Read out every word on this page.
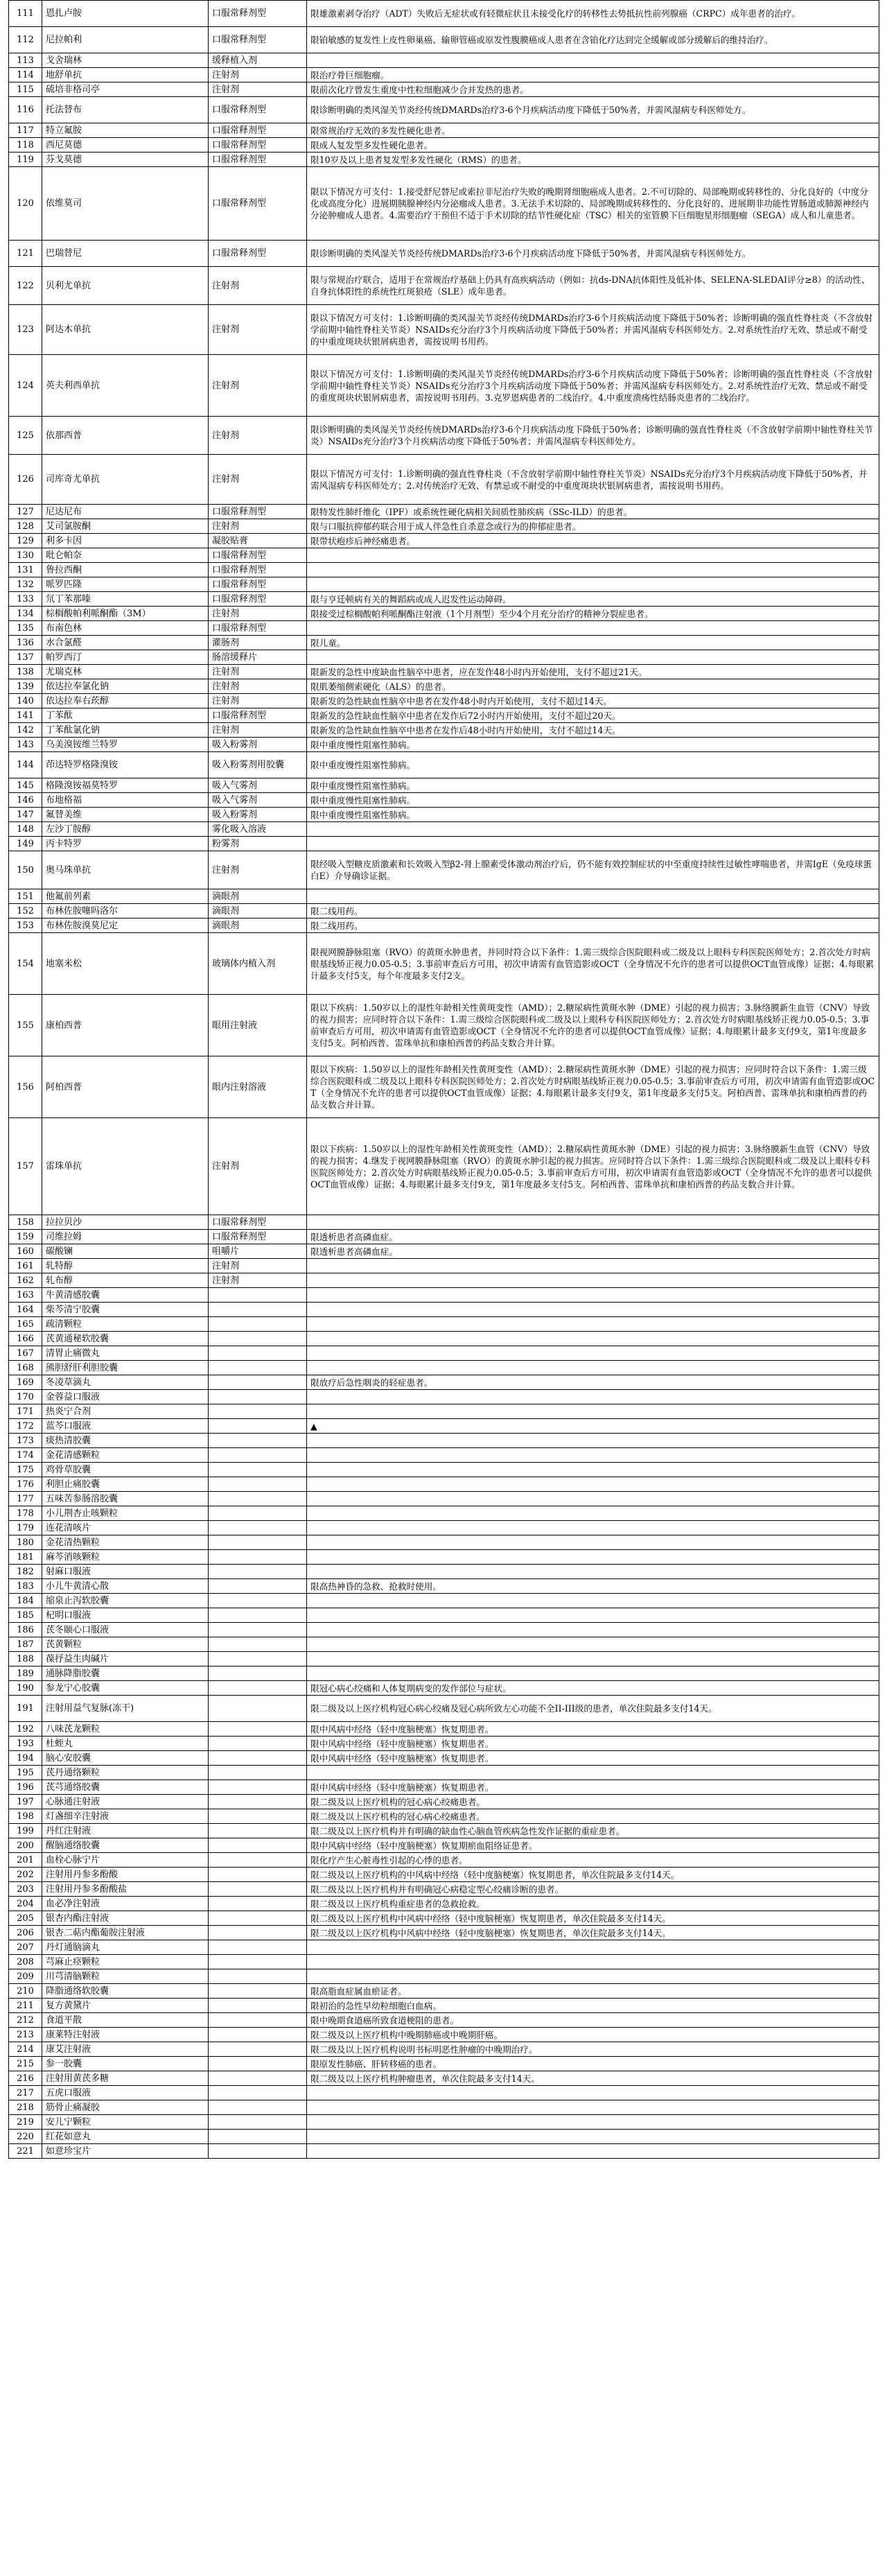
111	恩扎卢胺	口服常释剂型	限雄激素剥夺治疗（ADT）失败后无症状或有轻微症状且未接受化疗的转移性去势抵抗性前列腺癌（CRPC）成年患者的治疗。
112	尼拉帕利	口服常释剂型	限铂敏感的复发性上皮性卵巢癌、输卵管癌或原发性腹膜癌成人患者在含铂化疗达到完全缓解或部分缓解后的维持治疗。
113	戈舍瑞林	缓释植入剂	
114	地舒单抗	注射剂	限治疗骨巨细胞瘤。
115	硫培非格司亭	注射剂	限前次化疗曾发生重度中性粒细胞减少合并发热的患者。
116	托法替布	口服常释剂型	限诊断明确的类风湿关节炎经传统DMARDs治疗3-6个月疾病活动度下降低于50%者，并需风湿病专科医师处方。
117	特立氟胺	口服常释剂型	限常规治疗无效的多发性硬化患者。
118	西尼莫德	口服常释剂型	限成人复发型多发性硬化患者。
119	芬戈莫德	口服常释剂型	限10岁及以上患者复发型多发性硬化（RMS）的患者。
120	依维莫司	口服常释剂型	限以下情况方可支付：1.接受舒尼替尼或索拉非尼治疗失败的晚期肾细胞癌成人患者。2.不可切除的、局部晚期或转移性的、分化良好的（中度分化或高度分化）进展期胰腺神经内分泌瘤成人患者。3.无法手术切除的、局部晚期或转移性的、分化良好的、进展期非功能性胃肠道或肺源神经内分泌肿瘤成人患者。4.需要治疗干预但不适于手术切除的结节性硬化症（TSC）相关的室管膜下巨细胞星形细胞瘤（SEGA）成人和儿童患者。
121	巴瑞替尼	口服常释剂型	限诊断明确的类风湿关节炎经传统DMARDs治疗3-6个月疾病活动度下降低于50%者，并需风湿病专科医师处方。
122	贝利尤单抗	注射剂	限与常规治疗联合，适用于在常规治疗基础上仍具有高疾病活动（例如：抗ds-DNA抗体阳性及低补体、SELENA-SLEDAI评分≥8）的活动性、自身抗体阳性的系统性红斑狼疮（SLE）成年患者。
123	阿达木单抗	注射剂	限以下情况方可支付：1.诊断明确的类风湿关节炎经传统DMARDs治疗3-6个月疾病活动度下降低于50%者；诊断明确的强直性脊柱炎（不含放射学前期中轴性脊柱关节炎）NSAIDs充分治疗3个月疾病活动度下降低于50%者；并需风湿病专科医师处方。2.对系统性治疗无效、禁忌或不耐受的中重度斑块状银屑病患者，需按说明书用药。
124	英夫利西单抗	注射剂	限以下情况方可支付：1.诊断明确的类风湿关节炎经传统DMARDs治疗3-6个月疾病活动度下降低于50%者；诊断明确的强直性脊柱炎（不含放射学前期中轴性脊柱关节炎）NSAIDs充分治疗3个月疾病活动度下降低于50%者；并需风湿病专科医师处方。2.对系统性治疗无效、禁忌或不耐受的重度斑块状银屑病患者，需按说明书用药。3.克罗恩病患者的二线治疗。4.中重度溃疡性结肠炎患者的二线治疗。
125	依那西普	注射剂	限诊断明确的类风湿关节炎经传统DMARDs治疗3-6个月疾病活动度下降低于50%者；诊断明确的强直性脊柱炎（不含放射学前期中轴性脊柱关节炎）NSAIDs充分治疗3个月疾病活动度下降低于50%者；并需风湿病专科医师处方。
126	司库奇尤单抗	注射剂	限以下情况方可支付：1.诊断明确的强直性脊柱炎（不含放射学前期中轴性脊柱关节炎）NSAIDs充分治疗3个月疾病活动度下降低于50%者，并需风湿病专科医师处方；2.对传统治疗无效、有禁忌或不耐受的中重度斑块状银屑病患者，需按说明书用药。
127	尼达尼布	口服常释剂型	限特发性肺纤维化（IPF）或系统性硬化病相关间质性肺疾病（SSc-ILD）的患者。
128	艾司氯胺酮	注射剂	限与口服抗抑郁药联合用于成人伴急性自杀意念或行为的抑郁症患者。
129	利多卡因	凝胶贴膏	限带状疱疹后神经痛患者。
130	吡仑帕奈	口服常释剂型	
131	鲁拉西酮	口服常释剂型	
132	哌罗匹隆	口服常释剂型	
133	氘丁苯那嗪	口服常释剂型	限与亨廷顿病有关的舞蹈病或成人迟发性运动障碍。
134	棕榈酸帕利哌酮酯（3M）	注射剂	限接受过棕榈酸帕利哌酮酯注射液（1个月剂型）至少4个月充分治疗的精神分裂症患者。
135	布南色林	口服常释剂型	
136	水合氯醛	灌肠剂	限儿童。
137	帕罗西汀	肠溶缓释片	
138	尤瑞克林	注射剂	限新发的急性中度缺血性脑卒中患者，应在发作48小时内开始使用，支付不超过21天。
139	依达拉奉氯化钠	注射剂	限肌萎缩侧索硬化（ALS）的患者。
140	依达拉奉右莰醇	注射剂	限新发的急性缺血性脑卒中患者在发作48小时内开始使用，支付不超过14天。
141	丁苯酞	口服常释剂型	限新发的急性缺血性脑卒中患者在发作后72小时内开始使用，支付不超过20天。
142	丁苯酞氯化钠	注射剂	限新发的急性缺血性脑卒中患者在发作后48小时内开始使用，支付不超过14天。
143	乌美溴铵维兰特罗	吸入粉雾剂	限中重度慢性阻塞性肺病。
144	茚达特罗格隆溴铵	吸入粉雾剂用胶囊	限中重度慢性阻塞性肺病。
145	格隆溴铵福莫特罗	吸入气雾剂	限中重度慢性阻塞性肺病。
146	布地格福	吸入气雾剂	限中重度慢性阻塞性肺病。
147	氟替美维	吸入粉雾剂	限中重度慢性阻塞性肺病。
148	左沙丁胺醇	雾化吸入溶液	
149	丙卡特罗	粉雾剂	
150	奥马珠单抗	注射剂	限经吸入型糖皮质激素和长效吸入型β2-肾上腺素受体激动剂治疗后，仍不能有效控制症状的中至重度持续性过敏性哮喘患者，并需IgE（免疫球蛋白E）介导确诊证据。
151	他氟前列素	滴眼剂	
152	布林佐胺噻吗洛尔	滴眼剂	限二线用药。
153	布林佐胺溴莫尼定	滴眼剂	限二线用药。
154	地塞米松	玻璃体内植入剂	限视网膜静脉阻塞（RVO）的黄斑水肿患者，并同时符合以下条件：1.需三级综合医院眼科或二级及以上眼科专科医院医师处方；2.首次处方时病眼基线矫正视力0.05-0.5；3.事前审查后方可用，初次申请需有血管造影或OCT（全身情况不允许的患者可以提供OCT血管成像）证据；4.每眼累计最多支付5支，每个年度最多支付2支。
155	康柏西普	眼用注射液	限以下疾病：1.50岁以上的湿性年龄相关性黄斑变性（AMD）；2.糖尿病性黄斑水肿（DME）引起的视力损害；3.脉络膜新生血管（CNV）导致的视力损害；应同时符合以下条件：1.需三级综合医院眼科或二级及以上眼科专科医院医师处方；2.首次处方时病眼基线矫正视力0.05-0.5；3.事前审查后方可用，初次申请需有血管造影或OCT（全身情况不允许的患者可以提供OCT血管成像）证据；4.每眼累计最多支付9支，第1年度最多支付5支。阿柏西普、雷珠单抗和康柏西普的药品支数合并计算。
156	阿柏西普	眼内注射溶液	限以下疾病：1.50岁以上的湿性年龄相关性黄斑变性（AMD）；2.糖尿病性黄斑水肿（DME）引起的视力损害；应同时符合以下条件：1.需三级综合医院眼科或二级及以上眼科专科医院医师处方；2.首次处方时病眼基线矫正视力0.05-0.5；3.事前审查后方可用，初次申请需有血管造影或OCT（全身情况不允许的患者可以提供OCT血管成像）证据；4.每眼累计最多支付9支，第1年度最多支付5支。阿柏西普、雷珠单抗和康柏西普的药品支数合并计算。
157	雷珠单抗	注射剂	限以下疾病：1.50岁以上的湿性年龄相关性黄斑变性（AMD）；2.糖尿病性黄斑水肿（DME）引起的视力损害；3.脉络膜新生血管（CNV）导致的视力损害；4.继发于视网膜静脉阻塞（RVO）的黄斑水肿引起的视力损害。应同时符合以下条件：1.需三级综合医院眼科或二级及以上眼科专科医院医师处方；2.首次处方时病眼基线矫正视力0.05-0.5；3.事前审查后方可用，初次申请需有血管造影或OCT（全身情况不允许的患者可以提供OCT血管成像）证据；4.每眼累计最多支付9支，第1年度最多支付5支。阿柏西普、雷珠单抗和康柏西普的药品支数合并计算。
158	拉拉贝沙	口服常释剂型	
159	司维拉姆	口服常释剂型	限透析患者高磷血症。
160	碳酸镧	咀嚼片	限透析患者高磷血症。
161	轧特醇	注射剂	
162	轧布醇	注射剂	
163	牛黄清感胶囊		
164	柴芩清宁胶囊		
165	疏清颗粒		
166	芪黄通秘软胶囊		
167	清胃止痛微丸		
168	熊胆舒肝利胆胶囊		
169	冬凌草滴丸		限放疗后急性咽炎的轻症患者。
170	金蓉益口服液		
171	热炎宁合剂		
172	蓝芩口服液		▲
173	痰热清胶囊		
174	金花清感颗粒		
175	鸡骨草胶囊		
176	利胆止痛胶囊		
177	五味苦参肠溶胶囊		
178	小儿荆杏止咳颗粒		
179	连花清咳片		
180	金花清热颗粒		
181	麻芩消咳颗粒		
182	射麻口服液		
183	小儿牛黄清心散		限高热神昏的急救、抢救时使用。
184	缩泉止泻软胶囊		
185	杞明口服液		
186	芪冬颐心口服液		
187	芪黄颗粒		
188	葆抒益生肉碱片		
189	通脉降脂胶囊		
190	参龙宁心胶囊		限冠心病心绞痛和人体复期病变的发作部位与症状。
191	注射用益气复脉(冻干)		限二级及以上医疗机构冠心病心绞痛及冠心病所致左心功能不全II-III级的患者，单次住院最多支付14天。
192	八味芪龙颗粒		限中风病中经络（轻中度脑梗塞）恢复期患者。
193	杜蛭丸		限中风病中经络（轻中度脑梗塞）恢复期患者。
194	脑心安胶囊		限中风病中经络（轻中度脑梗塞）恢复期患者。
195	芪丹通络颗粒		
196	芪芎通络胶囊		限中风病中经络（轻中度脑梗塞）恢复期患者。
197	心脉通注射液		限二级及以上医疗机构的冠心病心绞痛患者。
198	灯盏细辛注射液		限二级及以上医疗机构的冠心病心绞痛患者。
199	丹红注射液		限二级及以上医疗机构并有明确的缺血性心脑血管疾病急性发作证据的重症患者。
200	醒脑通络胶囊		限中风病中经络（轻中度脑梗塞）恢复期瘀血阻络证患者。
201	血栓心脉宁片		限化疗产生心脏毒性引起的心悸的患者。
202	注射用丹参多酚酸		限二级及以上医疗机构的中风病中经络（轻中度脑梗塞）恢复期患者，单次住院最多支付14天。
203	注射用丹参多酚酸盐		限二级及以上医疗机构并有明确冠心病稳定型心绞痛诊断的患者。
204	血必净注射液		限二级及以上医疗机构重症患者的急救抢救。
205	银杏内酯注射液		限二级及以上医疗机构中风病中经络（轻中度脑梗塞）恢复期患者，单次住院最多支付14天。
206	银杏二萜内酯葡胺注射液		限二级及以上医疗机构中风病中经络（轻中度脑梗塞）恢复期患者，单次住院最多支付14天。
207	丹灯通脑滴丸		
208	芎麻止痉颗粒		
209	川芎清脑颗粒		
210	降脂通络软胶囊		限高脂血症属血瘀证者。
211	复方黄黛片		限初治的急性早幼粒细胞白血病。
212	食道平散		限中晚期食道癌所致食道梗阻的患者。
213	康莱特注射液		限二级及以上医疗机构中晚期肺癌或中晚期肝癌。
214	康艾注射液		限二级及以上医疗机构说明书标明恶性肿瘤的中晚期治疗。
215	参一胶囊		限原发性肺癌、肝转移癌的患者。
216	注射用黄芪多糖		限二级及以上医疗机构肿瘤患者，单次住院最多支付14天。
217	五虎口服液		
218	筋骨止痛凝胶		
219	安儿宁颗粒		
220	红花如意丸		
221	如意珍宝片		
